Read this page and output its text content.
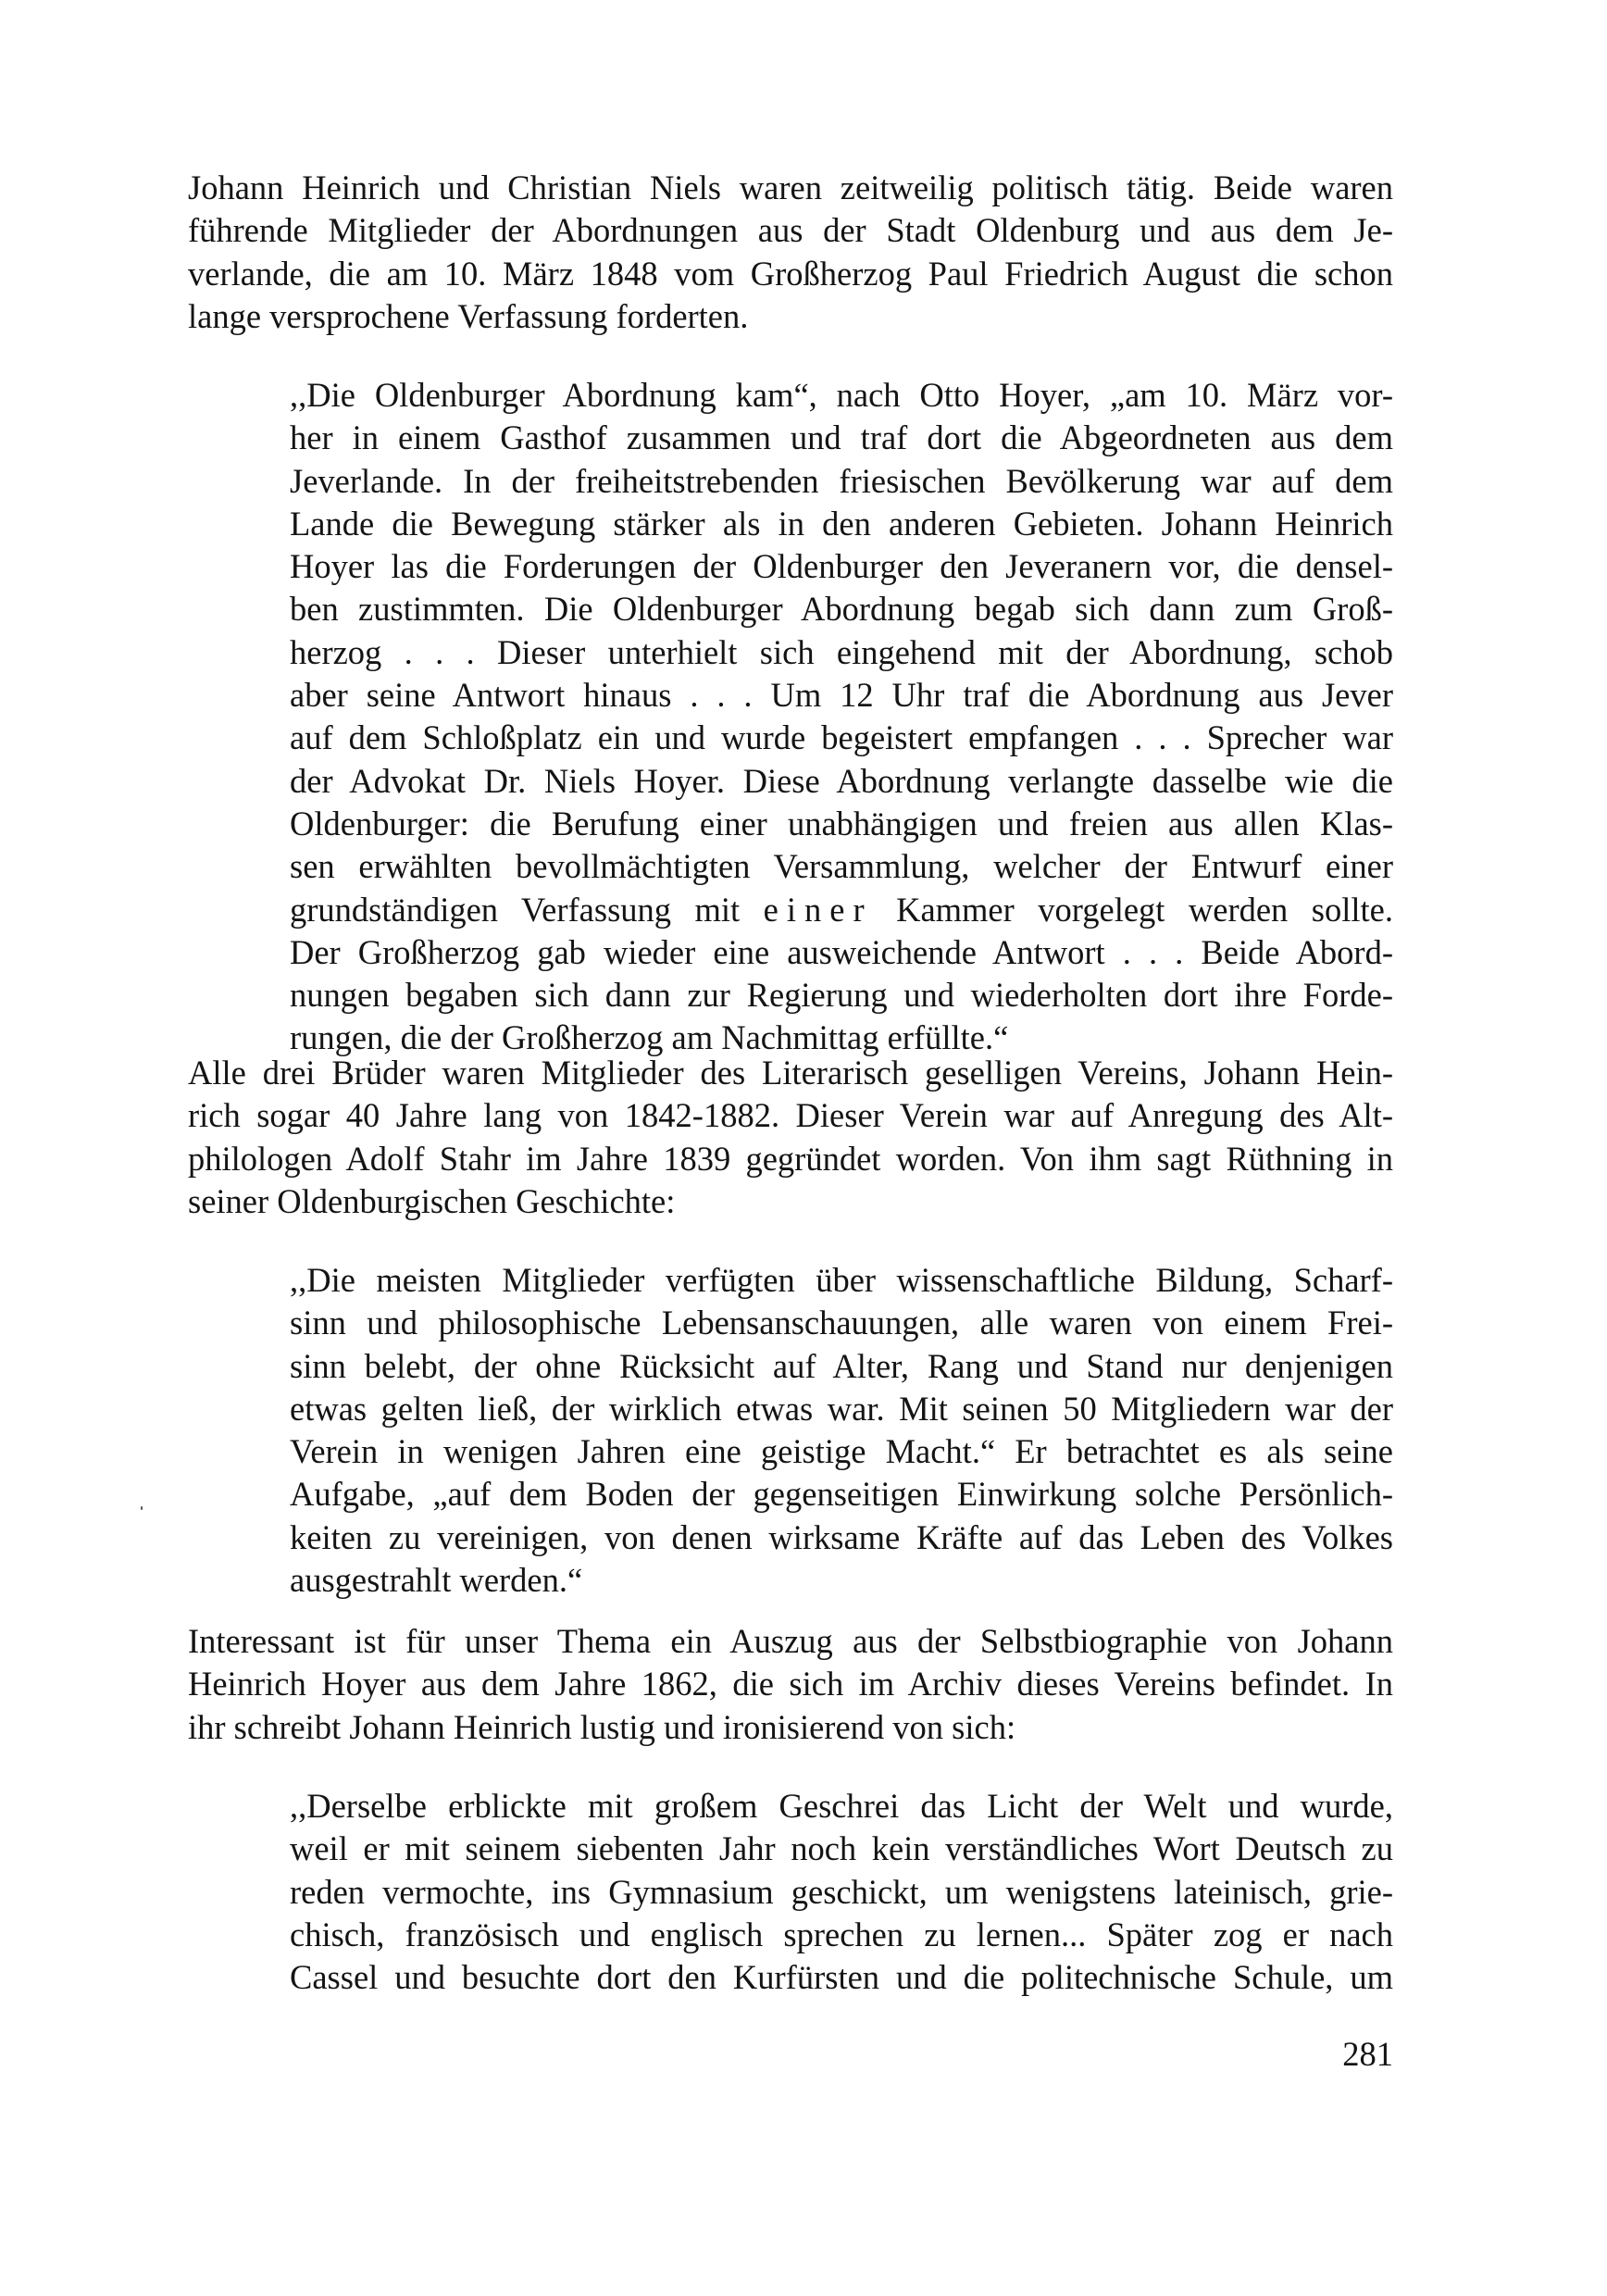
Johann Heinrich und Christian Niels waren zeitweilig politisch tätig. Beide waren
führende Mitglieder der Abordnungen aus der Stadt Oldenburg und aus dem Je-
verlande, die am 10. März 1848 vom Großherzog Paul Friedrich August die schon
lange versprochene Verfassung forderten.
,,Die Oldenburger Abordnung kam“, nach Otto Hoyer, „am 10. März vor-
her in einem Gasthof zusammen und traf dort die Abgeordneten aus dem
Jeverlande. In der freiheitstrebenden friesischen Bevölkerung war auf dem
Lande die Bewegung stärker als in den anderen Gebieten. Johann Heinrich
Hoyer las die Forderungen der Oldenburger den Jeveranern vor, die densel-
ben zustimmten. Die Oldenburger Abordnung begab sich dann zum Groß-
herzog . . . Dieser unterhielt sich eingehend mit der Abordnung, schob
aber seine Antwort hinaus . . . Um 12 Uhr traf die Abordnung aus Jever
auf dem Schloßplatz ein und wurde begeistert empfangen . . . Sprecher war
der Advokat Dr. Niels Hoyer. Diese Abordnung verlangte dasselbe wie die
Oldenburger: die Berufung einer unabhängigen und freien aus allen Klas-
sen erwählten bevollmächtigten Versammlung, welcher der Entwurf einer
grundständigen Verfassung mit einer Kammer vorgelegt werden sollte.
Der Großherzog gab wieder eine ausweichende Antwort . . . Beide Abord-
nungen begaben sich dann zur Regierung und wiederholten dort ihre Forde-
rungen, die der Großherzog am Nachmittag erfüllte.“
Alle drei Brüder waren Mitglieder des Literarisch geselligen Vereins, Johann Hein-
rich sogar 40 Jahre lang von 1842-1882. Dieser Verein war auf Anregung des Alt-
philologen Adolf Stahr im Jahre 1839 gegründet worden. Von ihm sagt Rüthning in
seiner Oldenburgischen Geschichte:
,,Die meisten Mitglieder verfügten über wissenschaftliche Bildung, Scharf-
sinn und philosophische Lebensanschauungen, alle waren von einem Frei-
sinn belebt, der ohne Rücksicht auf Alter, Rang und Stand nur denjenigen
etwas gelten ließ, der wirklich etwas war. Mit seinen 50 Mitgliedern war der
Verein in wenigen Jahren eine geistige Macht.“ Er betrachtet es als seine
Aufgabe, „auf dem Boden der gegenseitigen Einwirkung solche Persönlich-
keiten zu vereinigen, von denen wirksame Kräfte auf das Leben des Volkes
ausgestrahlt werden.“
Interessant ist für unser Thema ein Auszug aus der Selbstbiographie von Johann
Heinrich Hoyer aus dem Jahre 1862, die sich im Archiv dieses Vereins befindet. In
ihr schreibt Johann Heinrich lustig und ironisierend von sich:
,,Derselbe erblickte mit großem Geschrei das Licht der Welt und wurde,
weil er mit seinem siebenten Jahr noch kein verständliches Wort Deutsch zu
reden vermochte, ins Gymnasium geschickt, um wenigstens lateinisch, grie-
chisch, französisch und englisch sprechen zu lernen... Später zog er nach
Cassel und besuchte dort den Kurfürsten und die politechnische Schule, um
281
